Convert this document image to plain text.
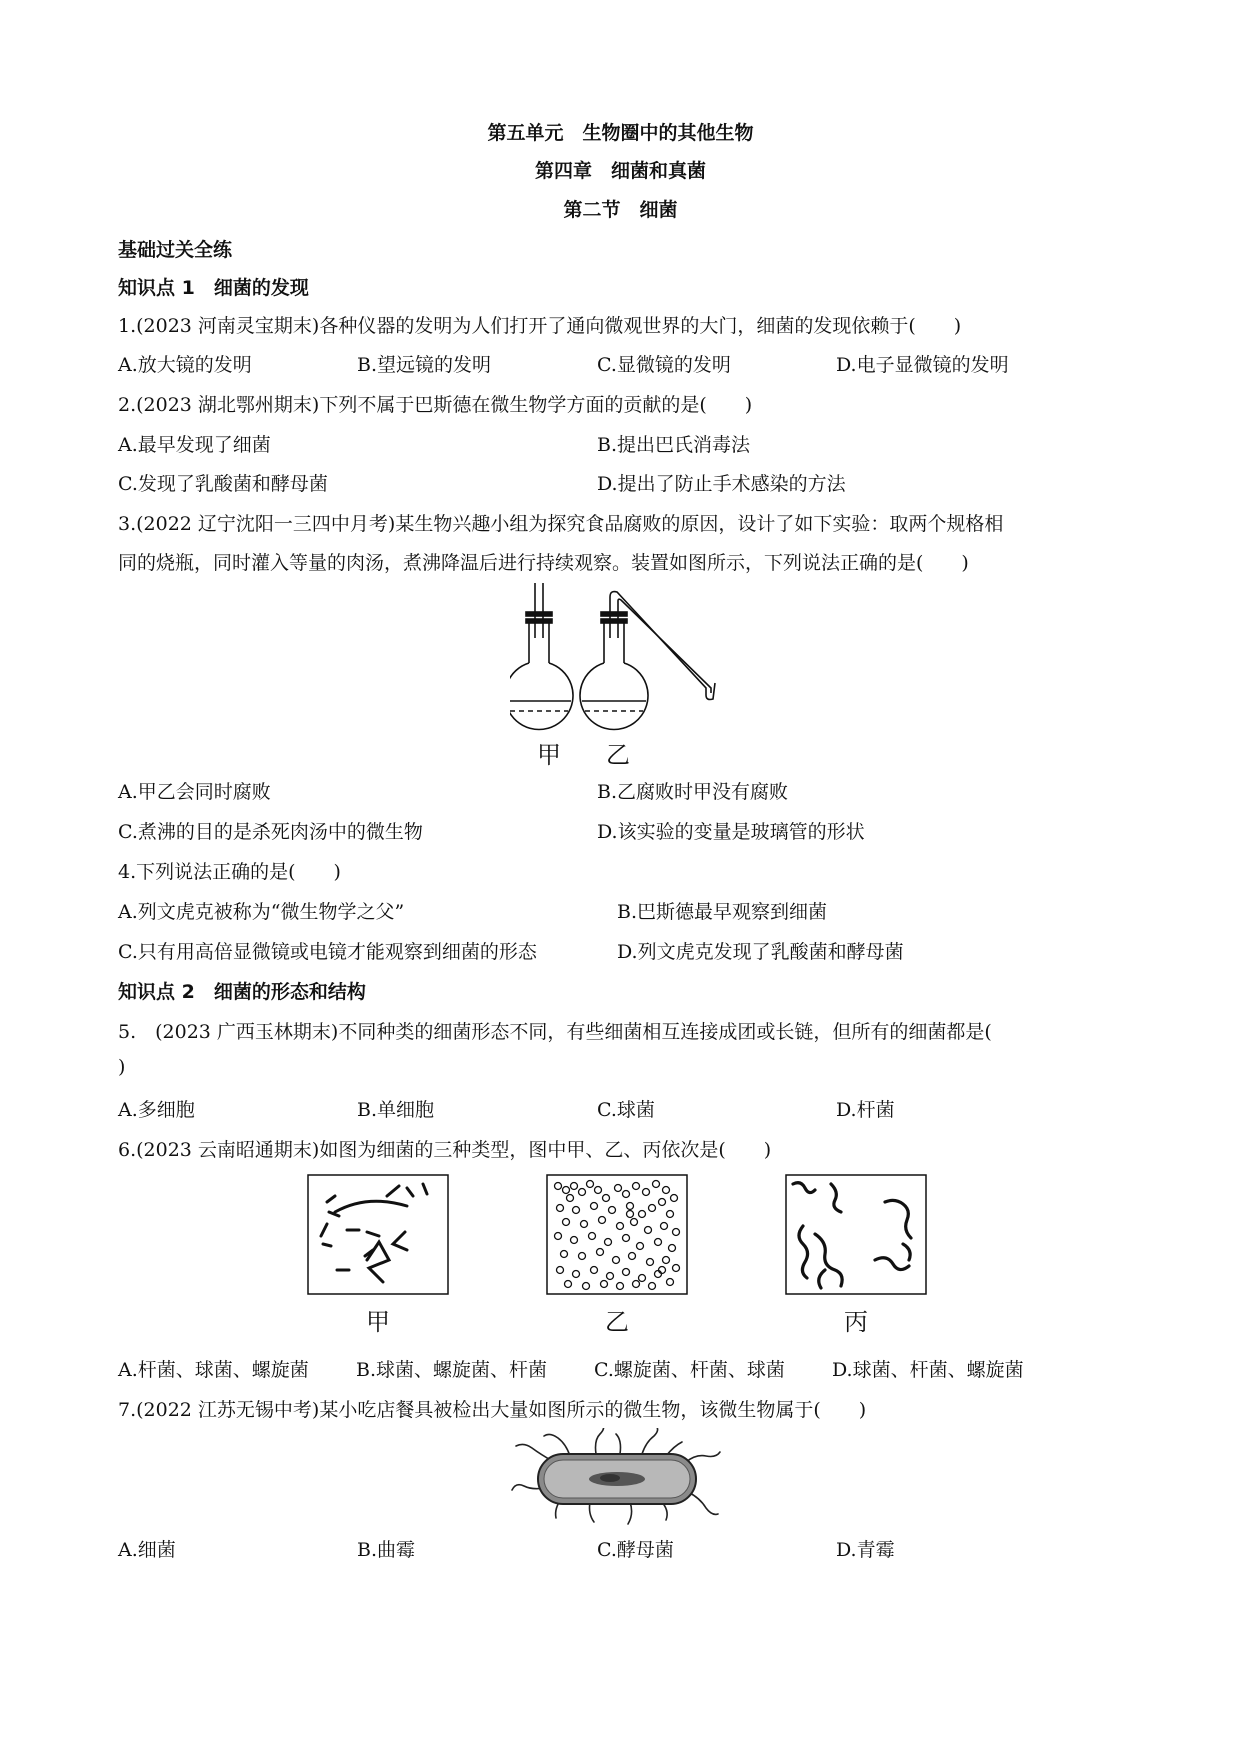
第五单元　生物圈中的其他生物
第四章　细菌和真菌
第二节　细菌
基础过关全练
知识点 1　细菌的发现
1.(2023 河南灵宝期末)各种仪器的发明为人们打开了通向微观世界的大门，细菌的发现依赖于(　　)
A.放大镜的发明	B.望远镜的发明	C.显微镜的发明	D.电子显微镜的发明
2.(2023 湖北鄂州期末)下列不属于巴斯德在微生物学方面的贡献的是(　　)
A.最早发现了细菌	B.提出巴氏消毒法
C.发现了乳酸菌和酵母菌	D.提出了防止手术感染的方法
3.(2022 辽宁沈阳一三四中月考)某生物兴趣小组为探究食品腐败的原因，设计了如下实验：取两个规格相
同的烧瓶，同时灌入等量的肉汤，煮沸降温后进行持续观察。装置如图所示，下列说法正确的是(　　)
甲 乙
A.甲乙会同时腐败	B.乙腐败时甲没有腐败
C.煮沸的目的是杀死肉汤中的微生物	D.该实验的变量是玻璃管的形状
4.下列说法正确的是(　　)
A.列文虎克被称为“微生物学之父”	B.巴斯德最早观察到细菌
C.只有用高倍显微镜或电镜才能观察到细菌的形态	D.列文虎克发现了乳酸菌和酵母菌
知识点 2　细菌的形态和结构
5.　(2023 广西玉林期末)不同种类的细菌形态不同，有些细菌相互连接成团或长链，但所有的细菌都是(
)
A.多细胞	B.单细胞	C.球菌	D.杆菌
6.(2023 云南昭通期末)如图为细菌的三种类型，图中甲、乙、丙依次是(　　)
甲	乙	丙
A.杆菌、球菌、螺旋菌 B.球菌、螺旋菌、杆菌 C.螺旋菌、杆菌、球菌 D.球菌、杆菌、螺旋菌
7.(2022 江苏无锡中考)某小吃店餐具被检出大量如图所示的微生物，该微生物属于(　　)
A.细菌	B.曲霉	C.酵母菌	D.青霉
